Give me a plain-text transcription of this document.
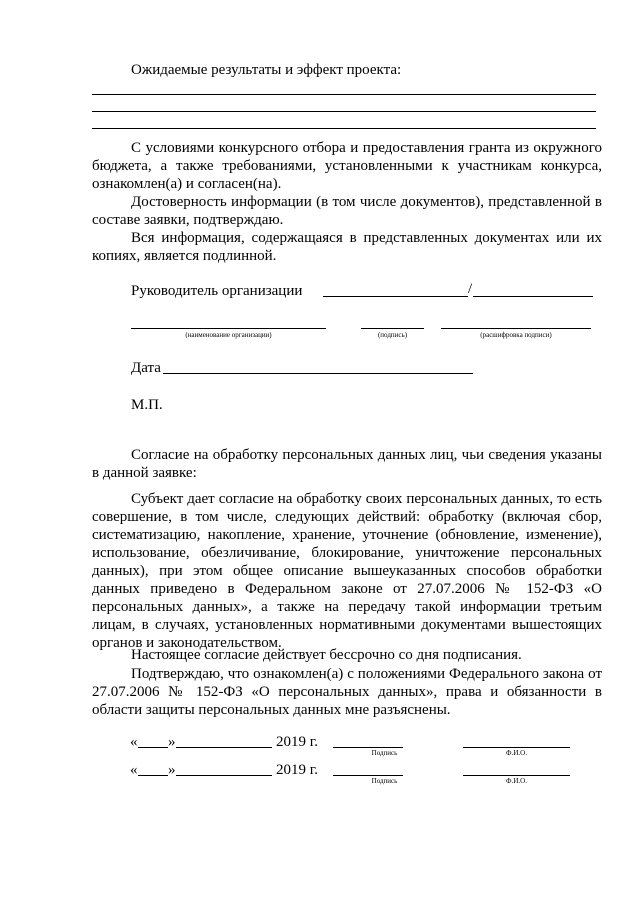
Ожидаемые результаты и эффект проекта:
С условиями конкурсного отбора и предоставления гранта из окружного бюджета, а также требованиями, установленными к участникам конкурса, ознакомлен(а) и согласен(на).
Достоверность информации (в том числе документов), представленной в составе заявки, подтверждаю.
Вся информация, содержащаяся в представленных документах или их копиях, является подлинной.
Руководитель организации	/
(наименование организации)	(подпись)	(расшифровка подписи)
Дата
М.П.
Согласие на обработку персональных данных лиц, чьи сведения указаны в данной заявке:
Субъект дает согласие на обработку своих персональных данных, то есть совершение, в том числе, следующих действий: обработку (включая сбор, систематизацию, накопление, хранение, уточнение (обновление, изменение), использование, обезличивание, блокирование, уничтожение персональных данных), при этом общее описание вышеуказанных способов обработки данных приведено в Федеральном законе от 27.07.2006 № 152-ФЗ «О персональных данных», а также на передачу такой информации третьим лицам, в случаях, установленных нормативными документами вышестоящих органов и законодательством.
Настоящее согласие действует бессрочно со дня подписания.
Подтверждаю, что ознакомлен(а) с положениями Федерального закона от 27.07.2006 № 152-ФЗ «О персональных данных», права и обязанности в области защиты персональных данных мне разъяснены.
« »	2019 г.
Подпись	Ф.И.О.
« »	2019 г.
Подпись	Ф.И.О.
